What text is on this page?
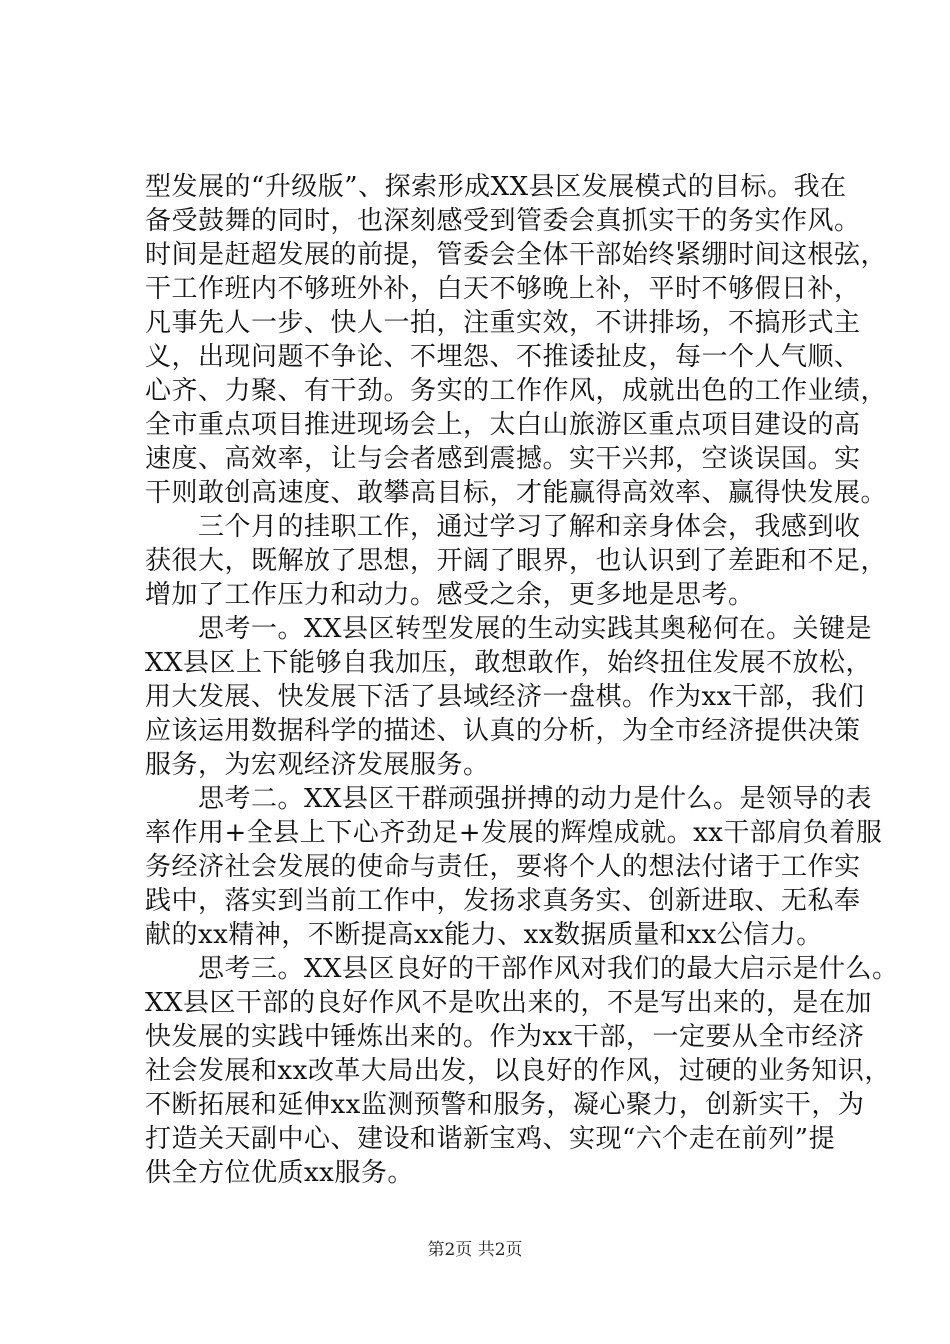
型发展的“升级版”、探索形成XX县区发展模式的目标。我在
备受鼓舞的同时，也深刻感受到管委会真抓实干的务实作风。
时间是赶超发展的前提，管委会全体干部始终紧绷时间这根弦，
干工作班内不够班外补，白天不够晚上补，平时不够假日补，
凡事先人一步、快人一拍，注重实效，不讲排场，不搞形式主
义，出现问题不争论、不埋怨、不推诿扯皮，每一个人气顺、
心齐、力聚、有干劲。务实的工作作风，成就出色的工作业绩，
全市重点项目推进现场会上，太白山旅游区重点项目建设的高
速度、高效率，让与会者感到震撼。实干兴邦，空谈误国。实
干则敢创高速度、敢攀高目标，才能赢得高效率、赢得快发展。
　　三个月的挂职工作，通过学习了解和亲身体会，我感到收
获很大，既解放了思想，开阔了眼界，也认识到了差距和不足，
增加了工作压力和动力。感受之余，更多地是思考。
　　思考一。XX县区转型发展的生动实践其奥秘何在。关键是
XX县区上下能够自我加压，敢想敢作，始终扭住发展不放松，
用大发展、快发展下活了县域经济一盘棋。作为xx干部，我们
应该运用数据科学的描述、认真的分析，为全市经济提供决策
服务，为宏观经济发展服务。
　　思考二。XX县区干群顽强拼搏的动力是什么。是领导的表
率作用+全县上下心齐劲足+发展的辉煌成就。xx干部肩负着服
务经济社会发展的使命与责任，要将个人的想法付诸于工作实
践中，落实到当前工作中，发扬求真务实、创新进取、无私奉
献的xx精神，不断提高xx能力、xx数据质量和xx公信力。
　　思考三。XX县区良好的干部作风对我们的最大启示是什么。
XX县区干部的良好作风不是吹出来的，不是写出来的，是在加
快发展的实践中锤炼出来的。作为xx干部，一定要从全市经济
社会发展和xx改革大局出发，以良好的作风，过硬的业务知识，
不断拓展和延伸xx监测预警和服务，凝心聚力，创新实干，为
打造关天副中心、建设和谐新宝鸡、实现“六个走在前列”提
供全方位优质xx服务。
第2页 共2页
